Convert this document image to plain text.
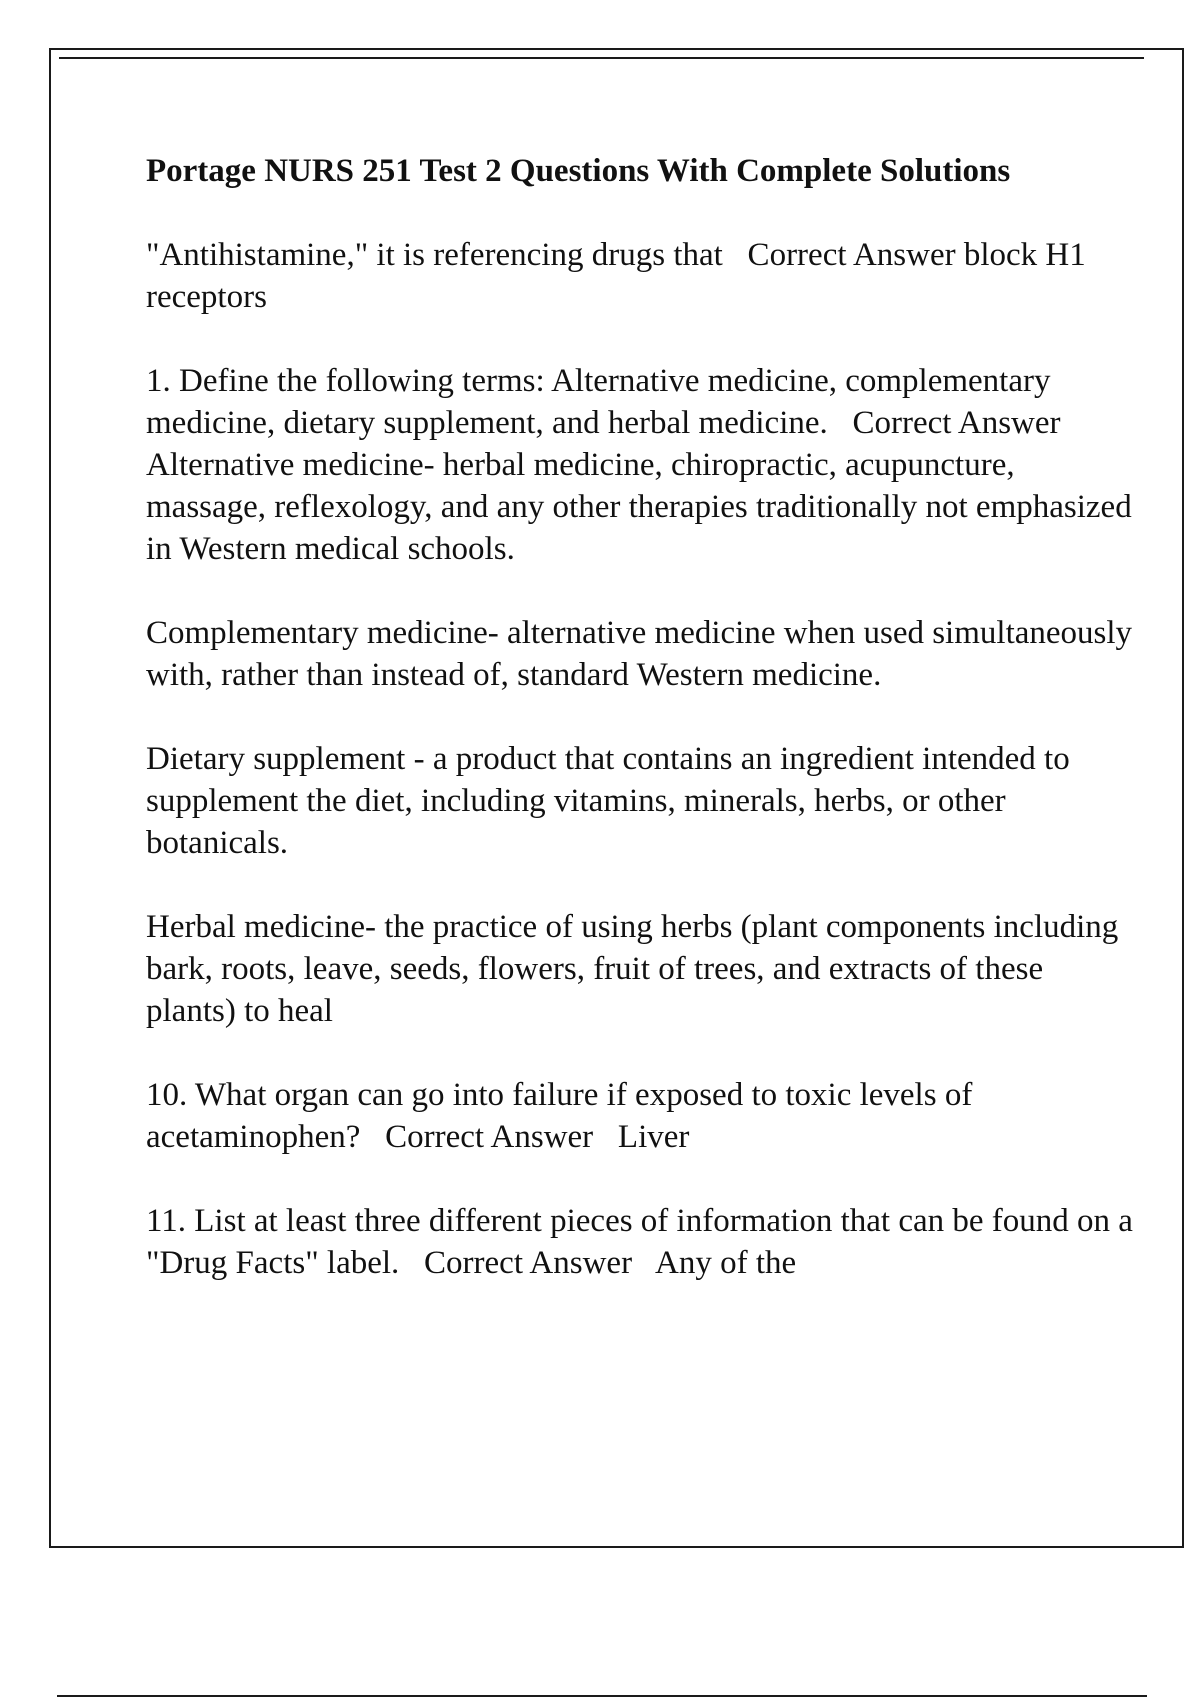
Portage NURS 251 Test 2 Questions With Complete Solutions
"Antihistamine," it is referencing drugs that   Correct Answer block H1 receptors
1. Define the following terms: Alternative medicine, complementary medicine, dietary supplement, and herbal medicine.   Correct Answer   Alternative medicine- herbal medicine, chiropractic, acupuncture, massage, reflexology, and any other therapies traditionally not emphasized in Western medical schools.
Complementary medicine- alternative medicine when used simultaneously with, rather than instead of, standard Western medicine.
Dietary supplement - a product that contains an ingredient intended to supplement the diet, including vitamins, minerals, herbs, or other botanicals.
Herbal medicine- the practice of using herbs (plant components including bark, roots, leave, seeds, flowers, fruit of trees, and extracts of these plants) to heal
10. What organ can go into failure if exposed to toxic levels of acetaminophen?   Correct Answer   Liver
11. List at least three different pieces of information that can be found on a "Drug Facts" label.   Correct Answer   Any of the
